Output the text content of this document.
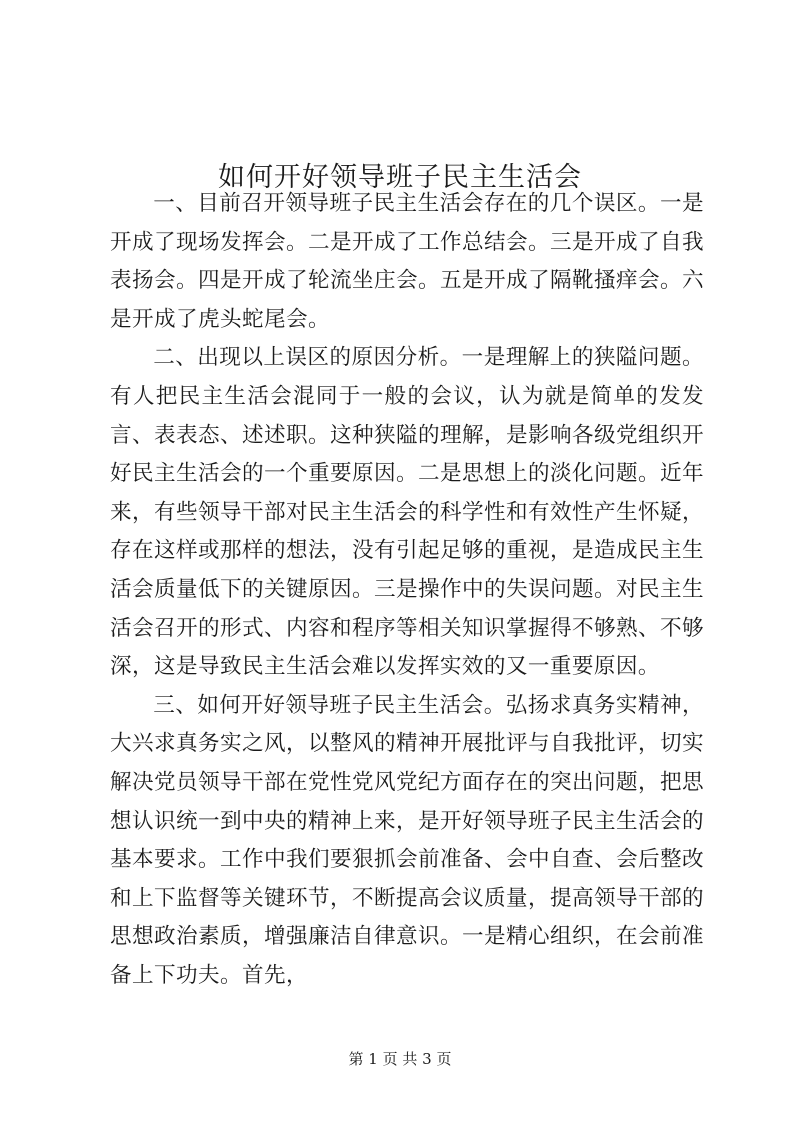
如何开好领导班子民主生活会

一、目前召开领导班子民主生活会存在的几个误区。一是开成了现场发挥会。二是开成了工作总结会。三是开成了自我表扬会。四是开成了轮流坐庄会。五是开成了隔靴搔痒会。六是开成了虎头蛇尾会。

二、出现以上误区的原因分析。一是理解上的狭隘问题。有人把民主生活会混同于一般的会议，认为就是简单的发发言、表表态、述述职。这种狭隘的理解，是影响各级党组织开好民主生活会的一个重要原因。二是思想上的淡化问题。近年来，有些领导干部对民主生活会的科学性和有效性产生怀疑，存在这样或那样的想法，没有引起足够的重视，是造成民主生活会质量低下的关键原因。三是操作中的失误问题。对民主生活会召开的形式、内容和程序等相关知识掌握得不够熟、不够深，这是导致民主生活会难以发挥实效的又一重要原因。

三、如何开好领导班子民主生活会。弘扬求真务实精神，大兴求真务实之风，以整风的精神开展批评与自我批评，切实解决党员领导干部在党性党风党纪方面存在的突出问题，把思想认识统一到中央的精神上来，是开好领导班子民主生活会的基本要求。工作中我们要狠抓会前准备、会中自查、会后整改和上下监督等关键环节，不断提高会议质量，提高领导干部的思想政治素质，增强廉洁自律意识。一是精心组织，在会前准备上下功夫。首先，

第 1 页 共 3 页
